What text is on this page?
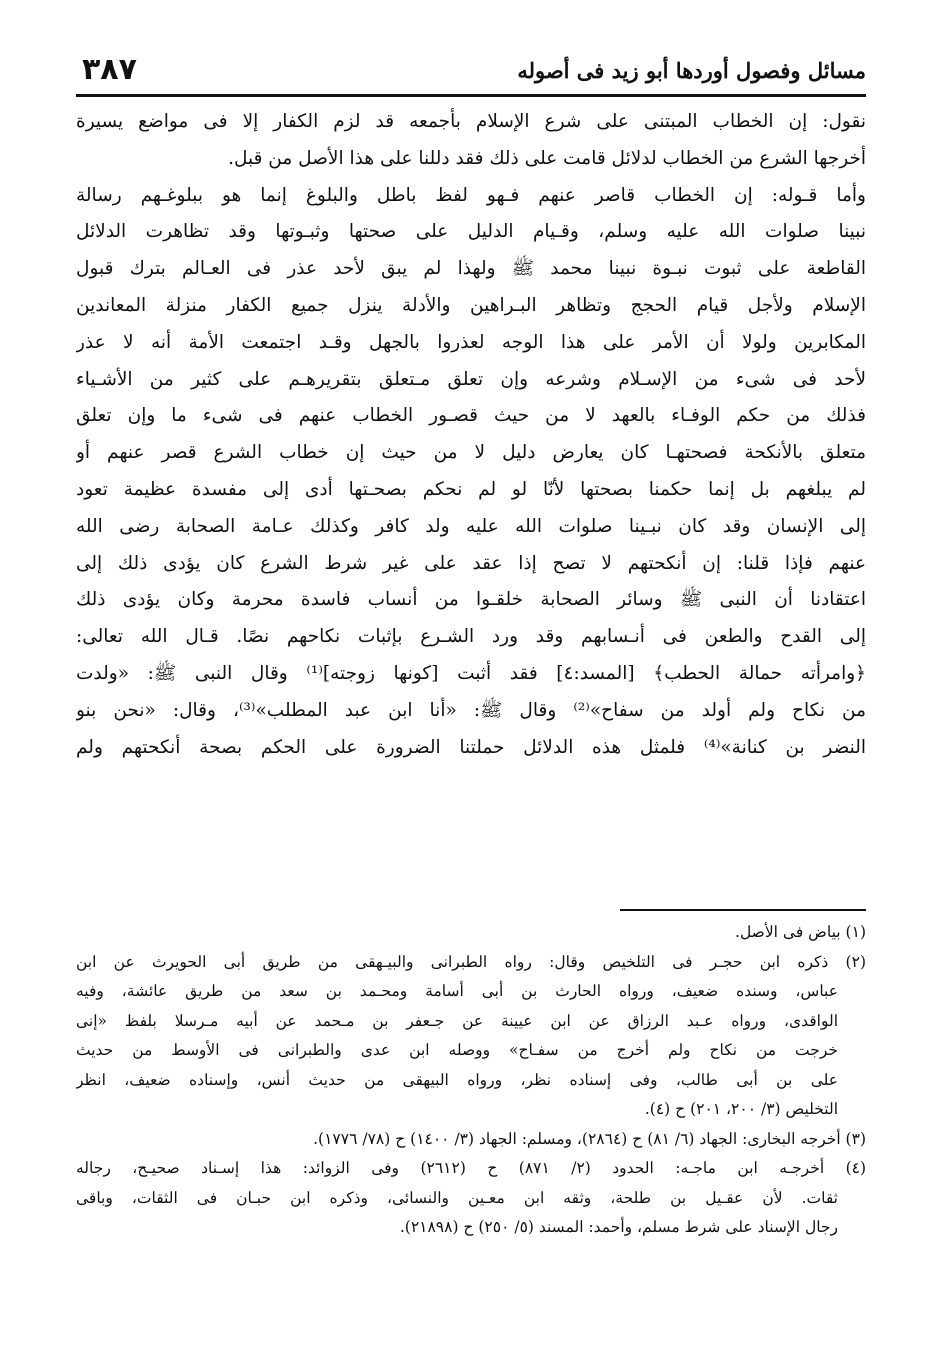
مسائل وفصول أوردها أبو زيد فى أصوله
٣٨٧
نقول: إن الخطاب المبتنى على شرع الإسلام بأجمعه قد لزم الكفار إلا فى مواضع يسيرة
أخرجها الشرع من الخطاب لدلائل قامت على ذلك فقد دللنا على هذا الأصل من قبل.
وأما قـوله: إن الخطاب قاصر عنهم فـهو لفظ باطل والبلوغ إنما هو ببلوغـهم رسالة
نبينا صلوات الله عليه وسلم، وقـيام الدليل على صحتها وثبـوتها وقد تظاهرت الدلائل
القاطعة على ثبوت نبـوة نبينا محمد ﷺ ولهذا لم يبق لأحد عذر فى العـالم بترك قبول
الإسلام ولأجل قيام الحجج وتظاهر البـراهين والأدلة ينزل جميع الكفار منزلة المعاندين
المكابرين ولولا أن الأمر على هذا الوجه لعذروا بالجهل وقـد اجتمعت الأمة أنه لا عذر
لأحد فى شىء من الإسـلام وشرعه وإن تعلق مـتعلق بتقريرهـم على كثير من الأشـياء
فذلك من حكم الوفـاء بالعهد لا من حيث قصـور الخطاب عنهم فى شىء ما وإن تعلق
متعلق بالأنكحة فصحتهـا كان يعارض دليل لا من حيث إن خطاب الشرع قصر عنهم أو
لم يبلغهم بل إنما حكمنا بصحتها لأنّا لو لم نحكم بصحـتها أدى إلى مفسدة عظيمة تعود
إلى الإنسان وقد كان نبـينا صلوات الله عليه ولد كافر وكذلك عـامة الصحابة رضى الله
عنهم فإذا قلنا: إن أنكحتهم لا تصح إذا عقد على غير شرط الشرع كان يؤدى ذلك إلى
اعتقادنا أن النبى ﷺ وسائر الصحابة خلقـوا من أنساب فاسدة محرمة وكان يؤدى ذلك
إلى القدح والطعن فى أنـسابهم وقد ورد الشـرع بإثبات نكاحهم نصًا. قـال الله تعالى:
﴿وامرأته حمالة الحطب﴾ [المسد:٤] فقد أثبت [كونها زوجته]⁽¹⁾ وقال النبى ﷺ: «ولدت
من نكاح ولم أولد من سفاح»⁽²⁾ وقال ﷺ: «أنا ابن عبد المطلب»⁽³⁾، وقال: «نحن بنو
النضر بن كنانة»⁽⁴⁾ فلمثل هذه الدلائل حملتنا الضرورة على الحكم بصحة أنكحتهم ولم
(١) بياض فى الأصل.
(٢) ذكره ابن حجـر فى التلخيص وقال: رواه الطبرانى والبيـهقى من طريق أبى الحويرث عن ابن
عباس، وسنده ضعيف، ورواه الحارث بن أبى أسامة ومحـمد بن سعد من طريق عائشة، وفيه
الواقدى، ورواه عـبد الرزاق عن ابن عيينة عن جـعفر بن مـحمد عن أبيه مـرسلا بلفظ «إنى
خرجت من نكاح ولم أخرج من سفـاح» ووصله ابن عدى والطبرانى فى الأوسط من حديث
على بن أبى طالب، وفى إسناده نظر، ورواه البيهقى من حديث أنس، وإسناده ضعيف، انظر
التخليص (٣/ ٢٠٠، ٢٠١) ح (٤).
(٣) أخرجه البخارى: الجهاد (٦/ ٨١) ح (٢٨٦٤)، ومسلم: الجهاد (٣/ ١٤٠٠) ح (٧٨/ ١٧٧٦).
(٤) أخرجـه ابن ماجـه: الحدود (٢/ ٨٧١) ح (٢٦١٢) وفى الزوائد: هذا إسـناد صحيـح، رجاله
ثقات. لأن عقـيل بن طلحة، وثقه ابن معـين والنسائى، وذكره ابن حبـان فى الثقات، وباقى
رجال الإسناد على شرط مسلم، وأحمد: المسند (٥/ ٢٥٠) ح (٢١٨٩٨).
